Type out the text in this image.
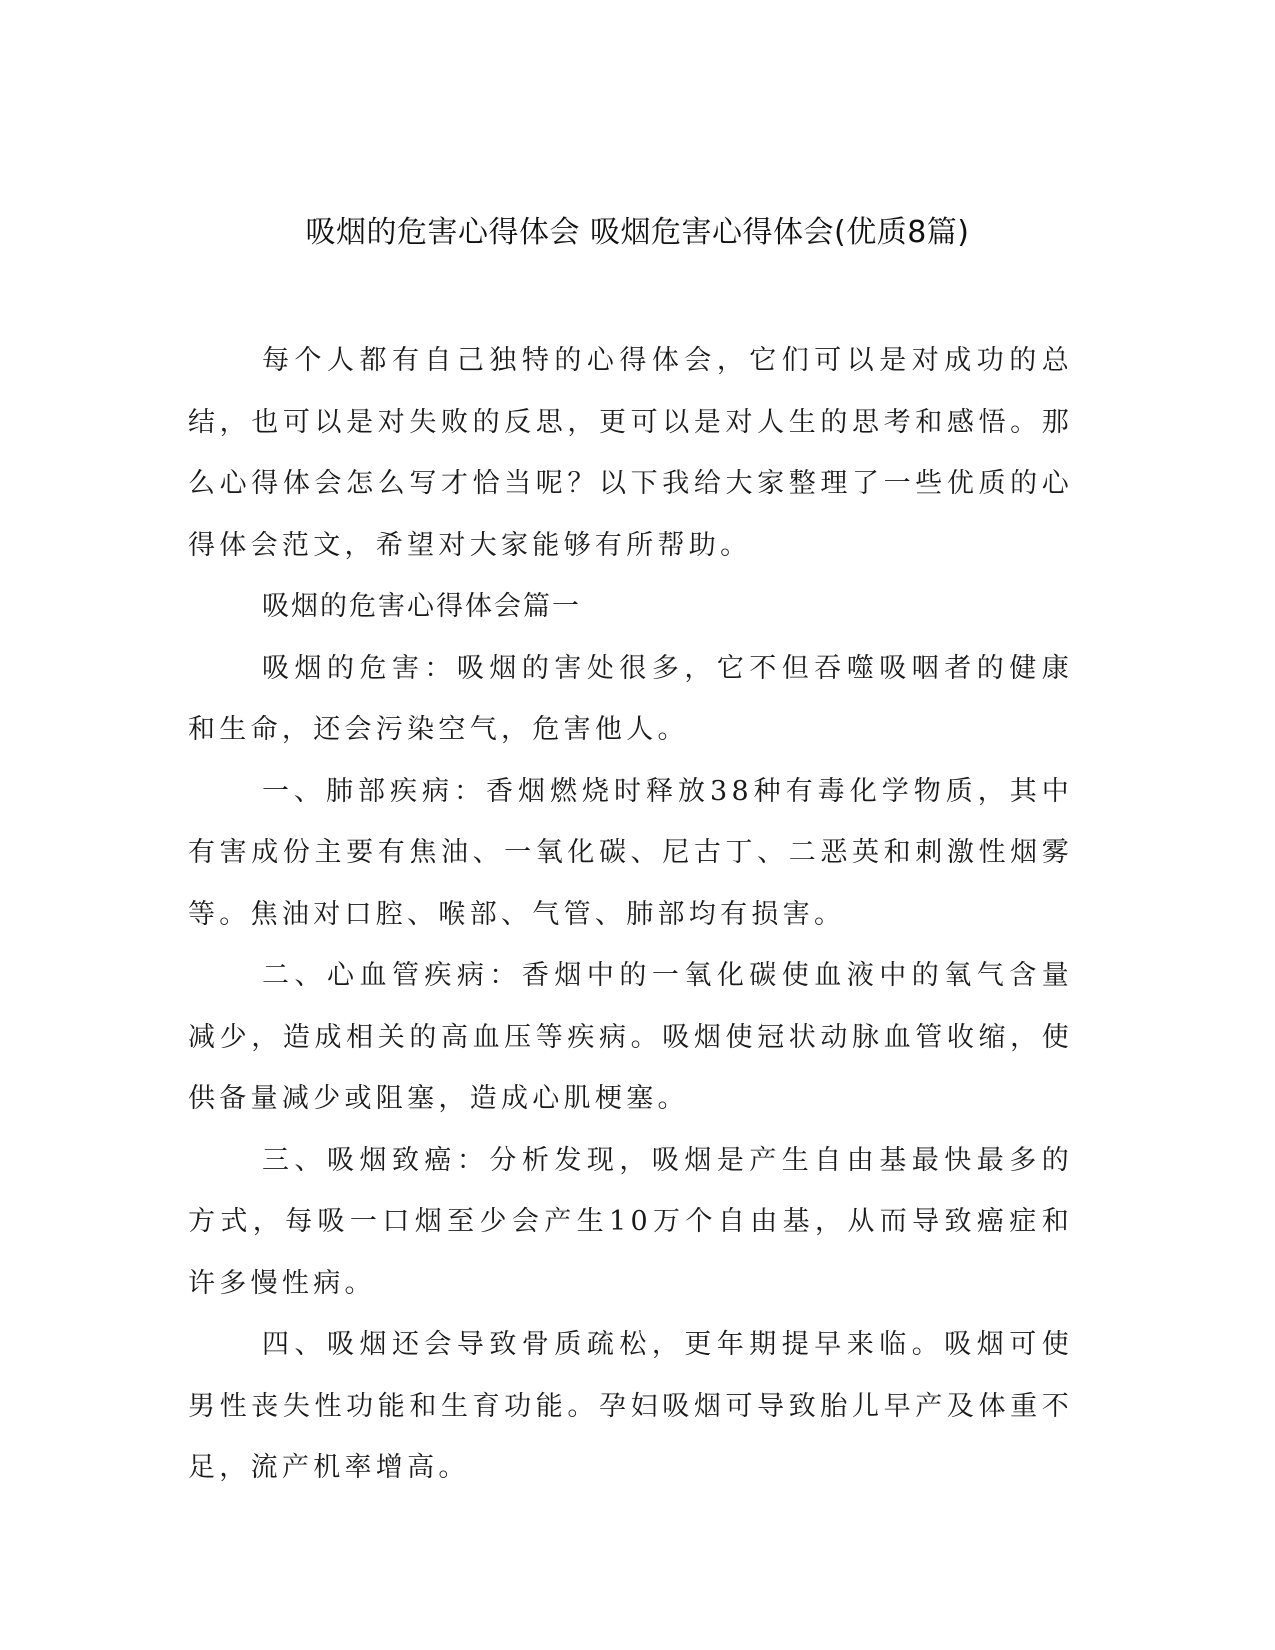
吸烟的危害心得体会 吸烟危害心得体会(优质8篇)

每个人都有自己独特的心得体会，它们可以是对成功的总结，也可以是对失败的反思，更可以是对人生的思考和感悟。那么心得体会怎么写才恰当呢？以下我给大家整理了一些优质的心得体会范文，希望对大家能够有所帮助。

吸烟的危害心得体会篇一

吸烟的危害：吸烟的害处很多，它不但吞噬吸咽者的健康和生命，还会污染空气，危害他人。

一、肺部疾病：香烟燃烧时释放38种有毒化学物质，其中有害成份主要有焦油、一氧化碳、尼古丁、二恶英和刺激性烟雾等。焦油对口腔、喉部、气管、肺部均有损害。

二、心血管疾病：香烟中的一氧化碳使血液中的氧气含量减少，造成相关的高血压等疾病。吸烟使冠状动脉血管收缩，使供备量减少或阻塞，造成心肌梗塞。

三、吸烟致癌：分析发现，吸烟是产生自由基最快最多的方式，每吸一口烟至少会产生10万个自由基，从而导致癌症和许多慢性病。

四、吸烟还会导致骨质疏松，更年期提早来临。吸烟可使男性丧失性功能和生育功能。孕妇吸烟可导致胎儿早产及体重不足，流产机率增高。
